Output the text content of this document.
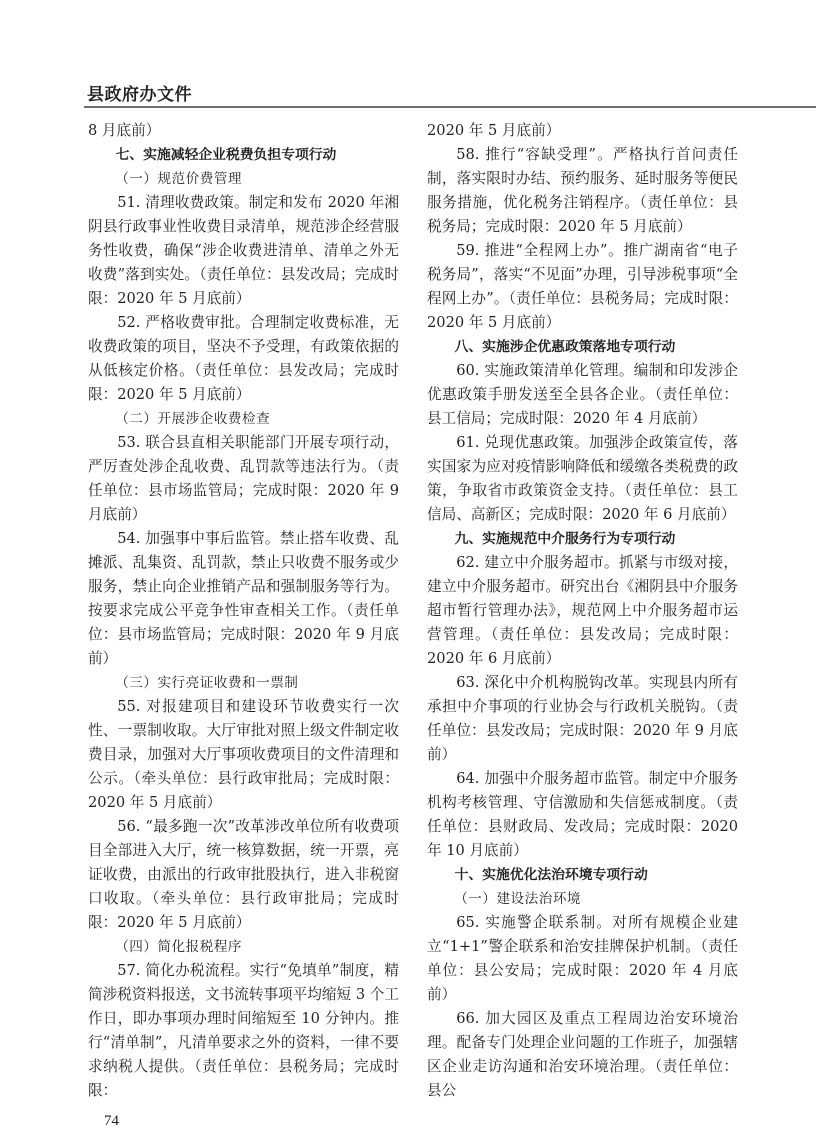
县政府办文件

8 月底前）

七、实施减轻企业税费负担专项行动

（一）规范价费管理

51. 清理收费政策。制定和发布 2020 年湘阴县行政事业性收费目录清单，规范涉企经营服务性收费，确保“涉企收费进清单、清单之外无收费”落到实处。（责任单位：县发改局；完成时限：2020 年 5 月底前）

52. 严格收费审批。合理制定收费标准，无收费政策的项目，坚决不予受理，有政策依据的从低核定价格。（责任单位：县发改局；完成时限：2020 年 5 月底前）

（二）开展涉企收费检查

53. 联合县直相关职能部门开展专项行动，严厉查处涉企乱收费、乱罚款等违法行为。（责任单位：县市场监管局；完成时限：2020 年 9 月底前）

54. 加强事中事后监管。禁止搭车收费、乱摊派、乱集资、乱罚款，禁止只收费不服务或少服务，禁止向企业推销产品和强制服务等行为。按要求完成公平竞争性审查相关工作。（责任单位：县市场监管局；完成时限：2020 年 9 月底前）

（三）实行亮证收费和一票制

55. 对报建项目和建设环节收费实行一次性、一票制收取。大厅审批对照上级文件制定收费目录，加强对大厅事项收费项目的文件清理和公示。（牵头单位：县行政审批局；完成时限：2020 年 5 月底前）

56. “最多跑一次”改革涉改单位所有收费项目全部进入大厅，统一核算数据，统一开票，亮证收费，由派出的行政审批股执行，进入非税窗口收取。（牵头单位：县行政审批局；完成时限：2020 年 5 月底前）

（四）简化报税程序

57. 简化办税流程。实行“免填单”制度，精简涉税资料报送，文书流转事项平均缩短 3 个工作日，即办事项办理时间缩短至 10 分钟内。推行“清单制”，凡清单要求之外的资料，一律不要求纳税人提供。（责任单位：县税务局；完成时限：

2020 年 5 月底前）

58. 推行“容缺受理”。严格执行首问责任制，落实限时办结、预约服务、延时服务等便民服务措施，优化税务注销程序。（责任单位：县税务局；完成时限：2020 年 5 月底前）

59. 推进“全程网上办”。推广湖南省“电子税务局”，落实“不见面”办理，引导涉税事项“全程网上办”。（责任单位：县税务局；完成时限：2020 年 5 月底前）

八、实施涉企优惠政策落地专项行动

60. 实施政策清单化管理。编制和印发涉企优惠政策手册发送至全县各企业。（责任单位：县工信局；完成时限：2020 年 4 月底前）

61. 兑现优惠政策。加强涉企政策宣传，落实国家为应对疫情影响降低和缓缴各类税费的政策，争取省市政策资金支持。（责任单位：县工信局、高新区；完成时限：2020 年 6 月底前）

九、实施规范中介服务行为专项行动

62. 建立中介服务超市。抓紧与市级对接，建立中介服务超市。研究出台《湘阴县中介服务超市暂行管理办法》，规范网上中介服务超市运营管理。（责任单位：县发改局；完成时限：2020 年 6 月底前）

63. 深化中介机构脱钩改革。实现县内所有承担中介事项的行业协会与行政机关脱钩。（责任单位：县发改局；完成时限：2020 年 9 月底前）

64. 加强中介服务超市监管。制定中介服务机构考核管理、守信激励和失信惩戒制度。（责任单位：县财政局、发改局；完成时限：2020 年 10 月底前）

十、实施优化法治环境专项行动

（一）建设法治环境

65. 实施警企联系制。对所有规模企业建立“1+1”警企联系和治安挂牌保护机制。（责任单位：县公安局；完成时限：2020 年 4 月底前）

66. 加大园区及重点工程周边治安环境治理。配备专门处理企业问题的工作班子，加强辖区企业走访沟通和治安环境治理。（责任单位：县公

74
